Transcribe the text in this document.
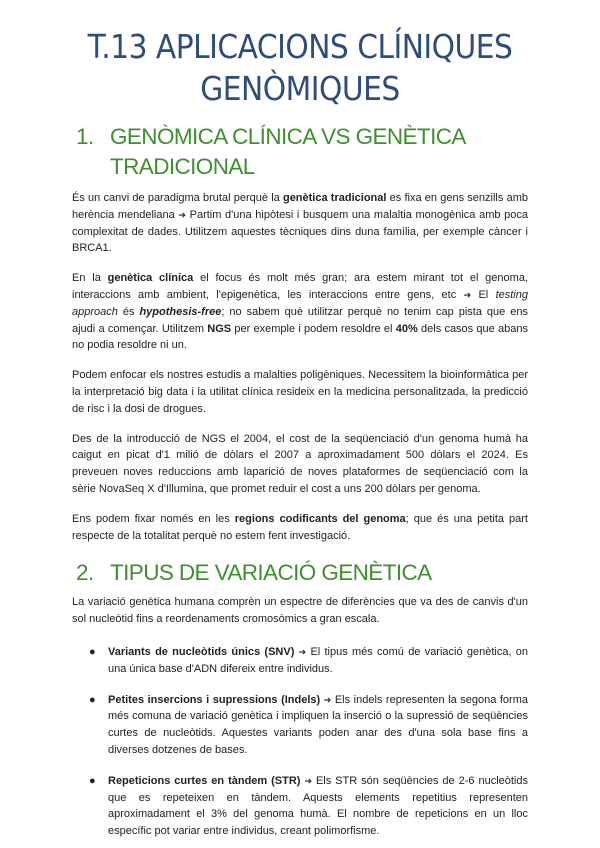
T.13 APLICACIONS CLÍNIQUES
GENÒMIQUES
1. GENÒMICA CLÍNICA VS GENÈTICA TRADICIONAL

És un canvi de paradigma brutal perquè la genètica tradicional es fixa en gens senzills amb herència mendeliana ➔ Partim d'una hipòtesi i busquem una malaltia monogènica amb poca complexitat de dades. Utilitzem aquestes tècniques dins duna família, per exemple càncer i BRCA1.

En la genètica clínica el focus és molt més gran; ara estem mirant tot el genoma, interaccions amb ambient, l'epigenètica, les interaccions entre gens, etc ➔ El testing approach és hypothesis-free; no sabem què utilitzar perquè no tenim cap pista que ens ajudi a començar. Utilitzem NGS per exemple i podem resoldre el 40% dels casos que abans no podia resoldre ni un.

Podem enfocar els nostres estudis a malalties poligèniques. Necessitem la bioinformàtica per la interpretació big data i la utilitat clínica resideix en la medicina personalitzada, la predicció de risc i la dosi de drogues.

Des de la introducció de NGS el 2004, el cost de la seqüenciació d'un genoma humà ha caigut en picat d'1 milió de dòlars el 2007 a aproximadament 500 dòlars el 2024. Es preveuen noves reduccions amb laparició de noves plataformes de seqüenciació com la sèrie NovaSeq X d'Illumina, que promet reduir el cost a uns 200 dòlars per genoma.

Ens podem fixar només en les regions codificants del genoma; que és una petita part respecte de la totalitat perquè no estem fent investigació.

2. TIPUS DE VARIACIÓ GENÈTICA

La variació genètica humana comprèn un espectre de diferències que va des de canvis d'un sol nucleòtid fins a reordenaments cromosòmics a gran escala.

● Variants de nucleòtids únics (SNV) ➔ El tipus més comú de variació genètica, on una única base d'ADN difereix entre individus.
● Petites insercions i supressions (Indels) ➔ Els indels representen la segona forma més comuna de variació genètica i impliquen la inserció o la supressió de seqüències curtes de nucleòtids. Aquestes variants poden anar des d'una sola base fins a diverses dotzenes de bases.
● Repeticions curtes en tàndem (STR) ➔ Els STR són seqüències de 2-6 nucleòtids que es repeteixen en tàndem. Aquests elements repetitius representen aproximadament el 3% del genoma humà. El nombre de repeticions en un lloc específic pot variar entre individus, creant polimorfisme.
